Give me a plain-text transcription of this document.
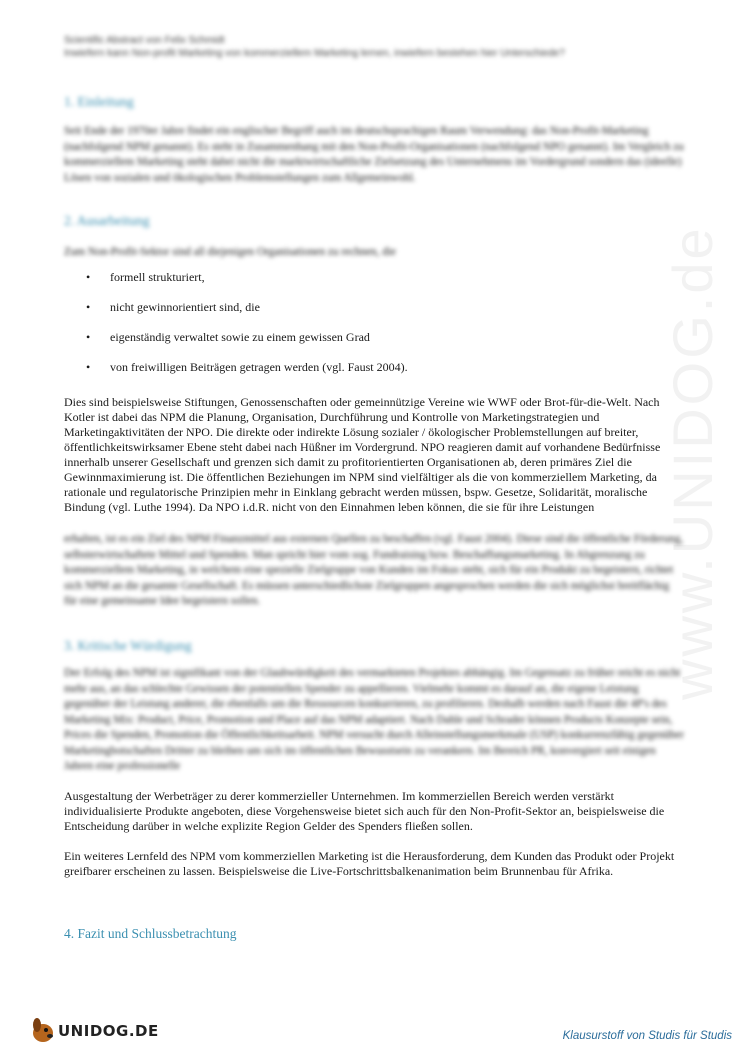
www.UNIDOG.de
Scientific Abstract von Felix Schmidt
Inwiefern kann Non-profit Marketing von kommerziellem Marketing lernen, inwiefern bestehen hier Unterschiede?
1. Einleitung
Seit Ende der 1970er Jahre findet ein englischer Begriff auch im deutschsprachigen Raum Verwendung: das Non-Profit-Marketing (nachfolgend NPM genannt). Es steht in Zusammenhang mit den Non-Profit-Organisationen (nachfolgend NPO genannt). Im Vergleich zu kommerziellem Marketing steht dabei nicht die marktwirtschaftliche Zielsetzung des Unternehmens im Vordergrund sondern das (ideelle) Lösen von sozialen und ökologischen Problemstellungen zum Allgemeinwohl.
2. Ausarbeitung
Zum Non-Profit-Sektor sind all diejenigen Organisationen zu rechnen, die
• formell strukturiert,
• nicht gewinnorientiert sind, die
• eigenständig verwaltet sowie zu einem gewissen Grad
• von freiwilligen Beiträgen getragen werden (vgl. Faust 2004).
Dies sind beispielsweise Stiftungen, Genossenschaften oder gemeinnützige Vereine wie WWF oder Brot-für-die-Welt. Nach Kotler ist dabei das NPM die Planung, Organisation, Durchführung und Kontrolle von Marketingstrategien und Marketingaktivitäten der NPO. Die direkte oder indirekte Lösung sozialer / ökologischer Problemstellungen auf breiter, öffentlichkeitswirksamer Ebene steht dabei nach Hüßner im Vordergrund. NPO reagieren damit auf vorhandene Bedürfnisse innerhalb unserer Gesellschaft und grenzen sich damit zu profitorientierten Organisationen ab, deren primäres Ziel die Gewinnmaximierung ist. Die öffentlichen Beziehungen im NPM sind vielfältiger als die von kommerziellem Marketing, da rationale und regulatorische Prinzipien mehr in Einklang gebracht werden müssen, bspw. Gesetze, Solidarität, moralische Bindung (vgl. Luthe 1994). Da NPO i.d.R. nicht von den Einnahmen leben können, die sie für ihre Leistungen
erhalten, ist es ein Ziel des NPM Finanzmittel aus externen Quellen zu beschaffen (vgl. Faust 2004). Diese sind die öffentliche Förderung, selbsterwirtschaftete Mittel und Spenden. Man spricht hier vom sog. Fundraising bzw. Beschaffungsmarketing. In Abgrenzung zu kommerziellem Marketing, in welchem eine spezielle Zielgruppe von Kunden im Fokus steht, sich für ein Produkt zu begeistern, richtet sich NPM an die gesamte Gesellschaft. Es müssen unterschiedlichste Zielgruppen angesprochen werden die sich möglichst breitflächig für eine gemeinsame Idee begeistern sollen.
3. Kritische Würdigung
Der Erfolg des NPM ist signifikant von der Glaubwürdigkeit des vermarkteten Projektes abhängig. Im Gegensatz zu früher reicht es nicht mehr aus, an das schlechte Gewissen der potentiellen Spender zu appellieren. Vielmehr kommt es darauf an, die eigene Leistung gegenüber der Leistung anderer, die ebenfalls um die Ressourcen konkurrieren, zu profilieren. Deshalb werden nach Faust die 4P's des Marketing Mix: Product, Price, Promotion und Place auf das NPM adaptiert. Nach Dahle und Schrader können Products Konzepte sein, Prices die Spenden, Promotion die Öffentlichkeitsarbeit. NPM versucht durch Alleinstellungsmerkmale (USP) konkurrenzfähig gegenüber Marketingbotschaften Dritter zu bleiben um sich im öffentlichen Bewusstsein zu verankern. Im Bereich PR, konvergiert seit einigen Jahren eine professionelle
Ausgestaltung der Werbeträger zu derer kommerzieller Unternehmen. Im kommerziellen Bereich werden verstärkt individualisierte Produkte angeboten, diese Vorgehensweise bietet sich auch für den Non-Profit-Sektor an, beispielsweise die Entscheidung darüber in welche explizite Region Gelder des Spenders fließen sollen.
Ein weiteres Lernfeld des NPM vom kommerziellen Marketing ist die Herausforderung, dem Kunden das Produkt oder Projekt greifbarer erscheinen zu lassen. Beispielsweise die Live-Fortschrittsbalkenanimation beim Brunnenbau für Afrika.
4. Fazit und Schlussbetrachtung
UNIDOG.DE	Klausurstoff von Studis für Studis
